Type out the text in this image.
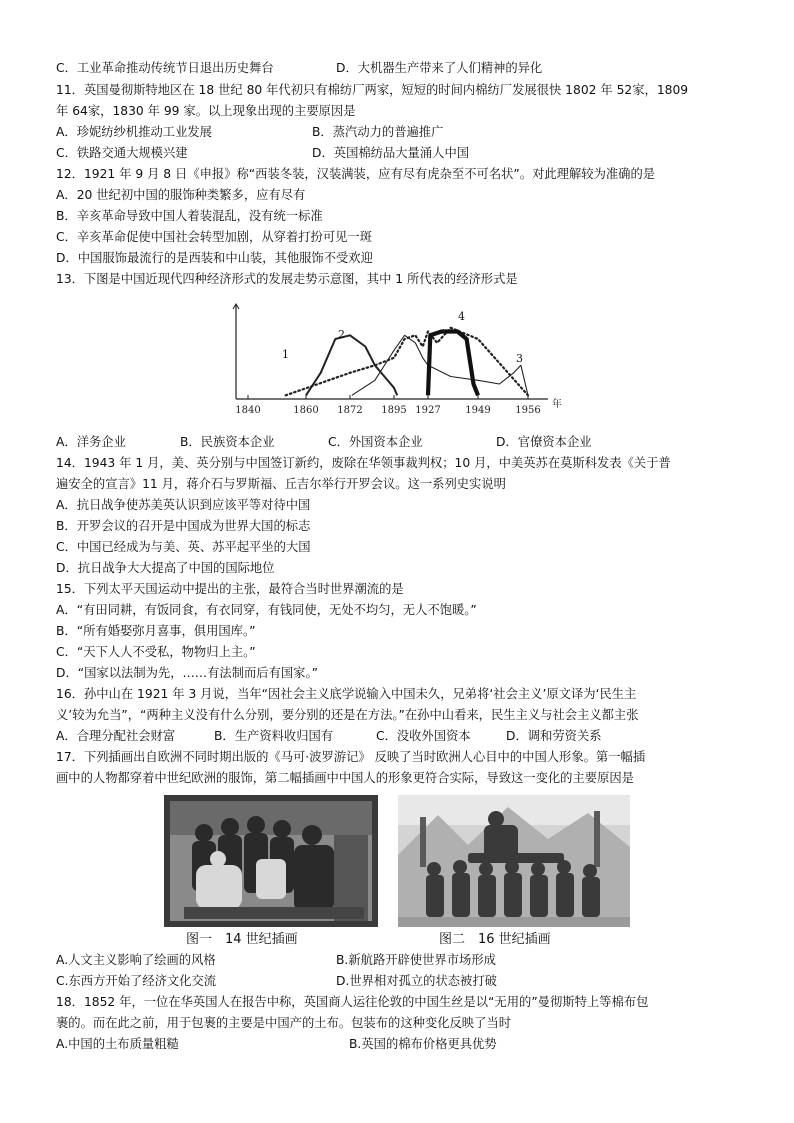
C．工业革命推动传统节日退出历史舞台	D．大机器生产带来了人们精神的异化
11．英国曼彻斯特地区在 18 世纪 80 年代初只有棉纺厂两家，短短的时间内棉纺厂发展很快 1802 年 52家，1809
年 64家，1830 年 99 家。以上现象出现的主要原因是
A．珍妮纺纱机推动工业发展	B．蒸汽动力的普遍推广
C．铁路交通大规模兴建	D．英国棉纺品大量涌人中国
12．1921 年 9 月 8 日《申报》称“西装冬装，汉装满装，应有尽有虎杂至不可名状”。对此理解较为准确的是
A．20 世纪初中国的服饰种类繁多，应有尽有
B．辛亥革命导致中国人着装混乱，没有统一标准
C．辛亥革命促使中国社会转型加剧，从穿着打扮可见一斑
D．中国服饰最流行的是西装和中山装，其他服饰不受欢迎
13．下图是中国近现代四种经济形式的发展走势示意图，其中 1 所代表的经济形式是
1840	1860 1872 1895 1927 1949 1956
年
1
2
3
4
A．洋务企业	B．民族资本企业	C．外国资本企业	D．官僚资本企业
14．1943 年 1 月，美、英分别与中国签订新约，废除在华领事裁判权；10 月，中美英苏在莫斯科发表《关于普
遍安全的宣言》11 月，蒋介石与罗斯福、丘吉尔举行开罗会议。这一系列史实说明
A．抗日战争使苏美英认识到应该平等对待中国
B．开罗会议的召开是中国成为世界大国的标志
C．中国已经成为与美、英、苏平起平坐的大国
D．抗日战争大大提高了中国的国际地位
15．下列太平天国运动中提出的主张，最符合当时世界潮流的是
A．“有田同耕，有饭同食，有衣同穿，有钱同使，无处不均匀，无人不饱暖。”
B．“所有婚娶弥月喜事，俱用国库。”
C．“天下人人不受私，物物归上主。”
D．“国家以法制为先，……有法制而后有国家。”
16．孙中山在 1921 年 3 月说，当年“因社会主义底学说输入中国未久，兄弟将‘社会主义’原文译为‘民生主
义’较为允当”，“两种主义没有什么分别，要分别的还是在方法。”在孙中山看来，民生主义与社会主义都主张
A．合理分配社会财富	B．生产资料收归国有	C．没收外国资本	D．调和劳资关系
17．下列插画出自欧洲不同时期出版的《马可·波罗游记》 反映了当时欧洲人心目中的中国人形象。第一幅插
画中的人物都穿着中世纪欧洲的服饰，第二幅插画中中国人的形象更符合实际，导致这一变化的主要原因是
图一　14 世纪插画	图二　16 世纪插画
A.人文主义影响了绘画的风格	B.新航路开辟使世界市场形成
C.东西方开始了经济文化交流	D.世界相对孤立的状态被打破
18．1852 年，一位在华英国人在报告中称，英国商人运往伦敦的中国生丝是以“无用的”曼彻斯特上等棉布包
裹的。而在此之前，用于包裹的主要是中国产的土布。包装布的这种变化反映了当时
A.中国的土布质量粗糙	B.英国的棉布价格更具优势
